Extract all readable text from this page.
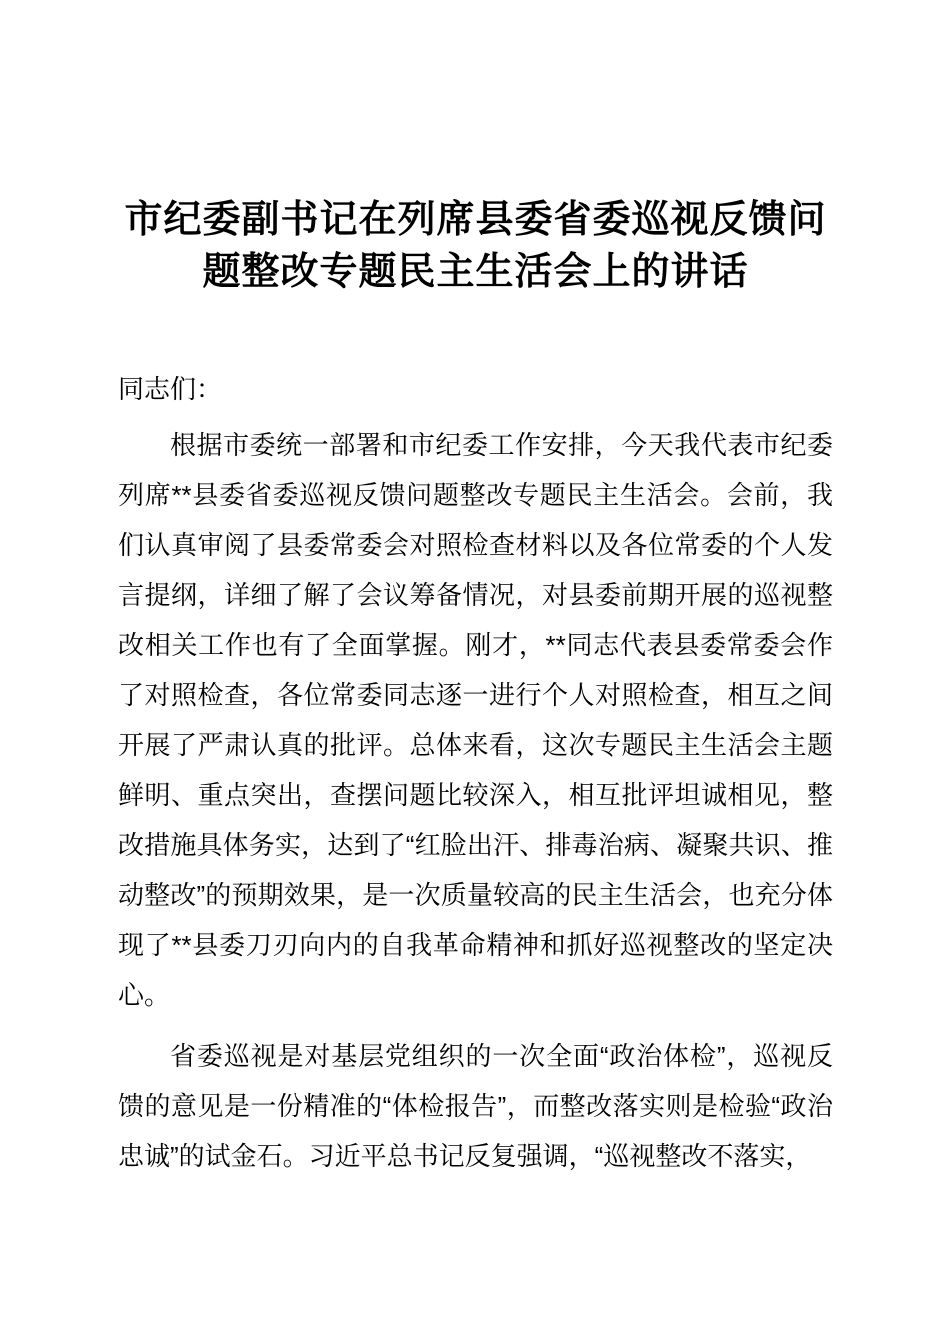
市纪委副书记在列席县委省委巡视反馈问题整改专题民主生活会上的讲话

同志们：

根据市委统一部署和市纪委工作安排，今天我代表市纪委列席**县委省委巡视反馈问题整改专题民主生活会。会前，我们认真审阅了县委常委会对照检查材料以及各位常委的个人发言提纲，详细了解了会议筹备情况，对县委前期开展的巡视整改相关工作也有了全面掌握。刚才，**同志代表县委常委会作了对照检查，各位常委同志逐一进行个人对照检查，相互之间开展了严肃认真的批评。总体来看，这次专题民主生活会主题鲜明、重点突出，查摆问题比较深入，相互批评坦诚相见，整改措施具体务实，达到了“红脸出汗、排毒治病、凝聚共识、推动整改”的预期效果，是一次质量较高的民主生活会，也充分体现了**县委刀刃向内的自我革命精神和抓好巡视整改的坚定决心。

省委巡视是对基层党组织的一次全面“政治体检”，巡视反馈的意见是一份精准的“体检报告”，而整改落实则是检验“政治忠诚”的试金石。习近平总书记反复强调，“巡视整改不落实，
